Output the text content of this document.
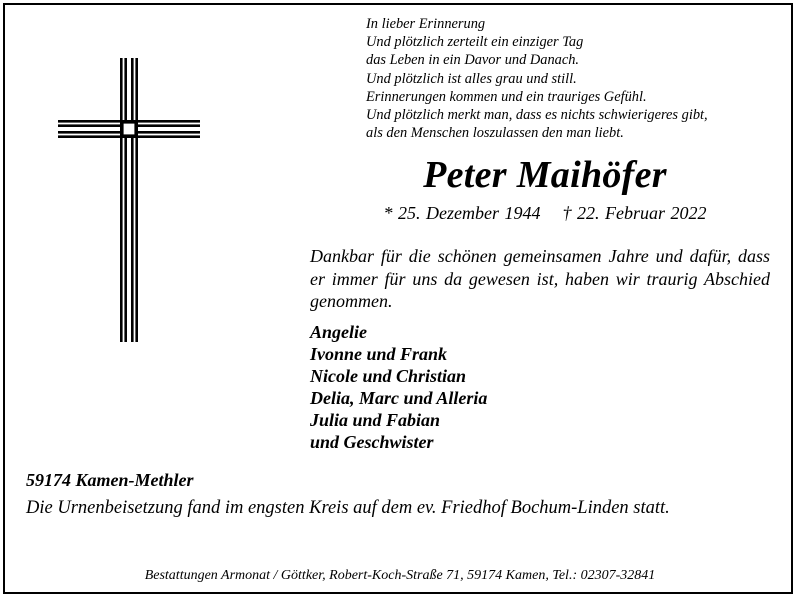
In lieber Erinnerung
Und plötzlich zerteilt ein einziger Tag
das Leben in ein Davor und Danach.
Und plötzlich ist alles grau und still.
Erinnerungen kommen und ein trauriges Gefühl.
Und plötzlich merkt man, dass es nichts schwierigeres gibt,
als den Menschen loszulassen den man liebt.
Peter Maihöfer
* 25. Dezember 1944 † 22. Februar 2022
Dankbar für die schönen gemeinsamen Jahre und dafür, dass er immer für uns da gewesen ist, haben wir traurig Abschied genommen.
Angelie
Ivonne und Frank
Nicole und Christian
Delia, Marc und Alleria
Julia und Fabian
und Geschwister
59174 Kamen-Methler
Die Urnenbeisetzung fand im engsten Kreis auf dem ev. Friedhof Bochum-Linden statt.
Bestattungen Armonat / Göttker, Robert-Koch-Straße 71, 59174 Kamen, Tel.: 02307-32841
